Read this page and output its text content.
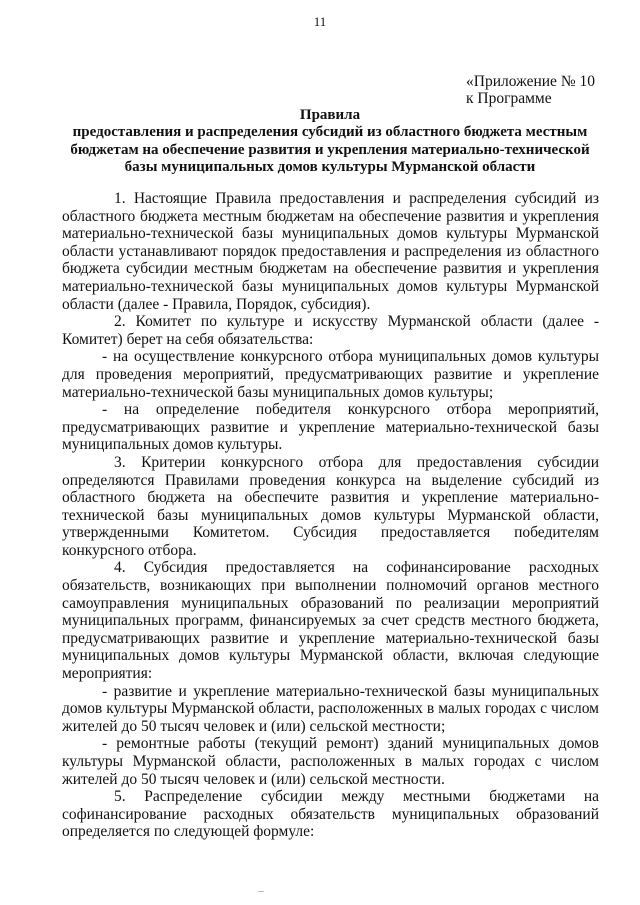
11
«Приложение № 10
к Программе
Правила
предоставления и распределения субсидий из областного бюджета местным бюджетам на обеспечение развития и укрепления материально-технической базы муниципальных домов культуры Мурманской области

1. Настоящие Правила предоставления и распределения субсидий из областного бюджета местным бюджетам на обеспечение развития и укрепления материально-технической базы муниципальных домов культуры Мурманской области устанавливают порядок предоставления и распределения из областного бюджета субсидии местным бюджетам на обеспечение развития и укрепления материально-технической базы муниципальных домов культуры Мурманской области (далее - Правила, Порядок, субсидия).

2. Комитет по культуре и искусству Мурманской области (далее - Комитет) берет на себя обязательства:

- на осуществление конкурсного отбора муниципальных домов культуры для проведения мероприятий, предусматривающих развитие и укрепление материально-технической базы муниципальных домов культуры;

- на определение победителя конкурсного отбора мероприятий, предусматривающих развитие и укрепление материально-технической базы муниципальных домов культуры.

3. Критерии конкурсного отбора для предоставления субсидии определяются Правилами проведения конкурса на выделение субсидий из областного бюджета на обеспечите развития и укрепление материально-технической базы муниципальных домов культуры Мурманской области, утвержденными Комитетом. Субсидия предоставляется победителям конкурсного отбора.

4. Субсидия предоставляется на софинансирование расходных обязательств, возникающих при выполнении полномочий органов местного самоуправления муниципальных образований по реализации мероприятий муниципальных программ, финансируемых за счет средств местного бюджета, предусматривающих развитие и укрепление материально-технической базы муниципальных домов культуры Мурманской области, включая следующие мероприятия:

- развитие и укрепление материально-технической базы муниципальных домов культуры Мурманской области, расположенных в малых городах с числом жителей до 50 тысяч человек и (или) сельской местности;

- ремонтные работы (текущий ремонт) зданий муниципальных домов культуры Мурманской области, расположенных в малых городах с числом жителей до 50 тысяч человек и (или) сельской местности.

5. Распределение субсидии между местными бюджетами на софинансирование расходных обязательств муниципальных образований определяется по следующей формуле:
